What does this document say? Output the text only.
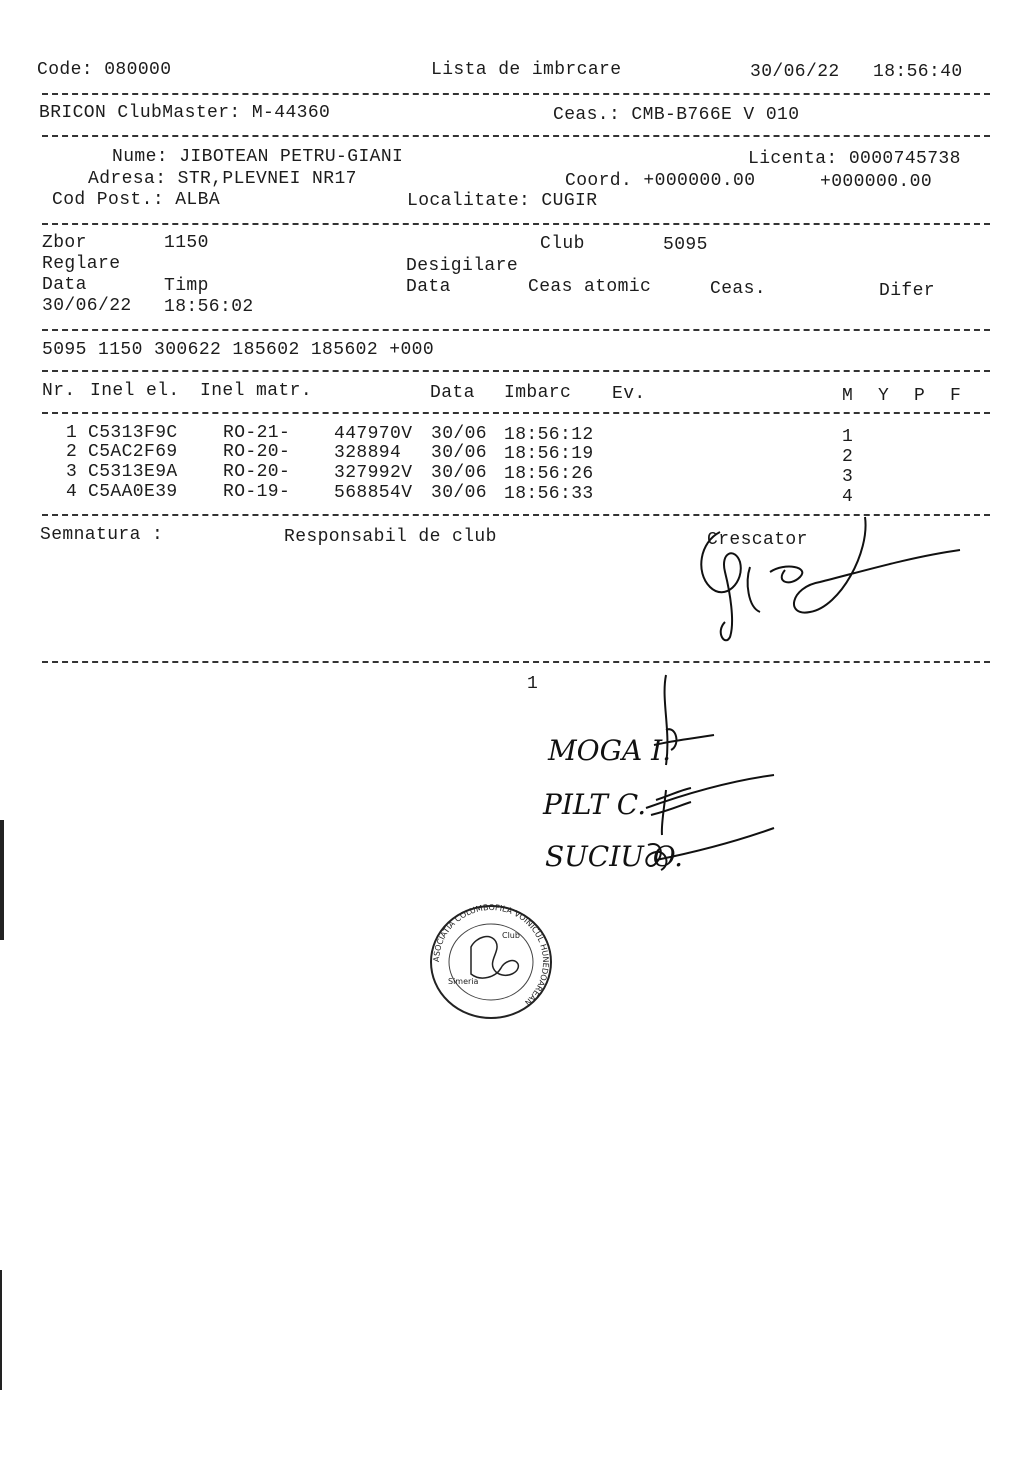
Code: 080000	Lista de imbrcare	30/06/22 18:56:40
BRICON ClubMaster: M-44360	Ceas.: CMB-B766E V 010
Nume: JIBOTEAN PETRU-GIANI	Licenta: 0000745738
Adresa: STR,PLEVNEI NR17	Coord. +000000.00	+000000.00
Cod Post.: ALBA	Localitate: CUGIR
Zbor	1150	Club	5095
Reglare	Desigilare
Data	Timp	Data	Ceas atomic	Ceas.	Difer
30/06/22 18:56:02
5095 1150 300622 185602 185602 +000
Nr. Inel el. Inel matr.	Data Imbarc Ev.	M Y P F
1 C5313F9C	RO-21- 447970V 30/06 18:56:12	1
2 C5AC2F69	RO-20- 328894 30/06 18:56:19	2
3 C5313E9A	RO-20- 327992V 30/06 18:56:26	3
4 C5AA0E39	RO-19- 568854V 30/06 18:56:33	4
Semnatura :	Responsabil de club	Crescator
1
MOGA I.
PILT C.
SUCIU O.
ASOCIATIA COLUMBOFILA VOINICUL HUNEDOAREAN
Club
Simeria
